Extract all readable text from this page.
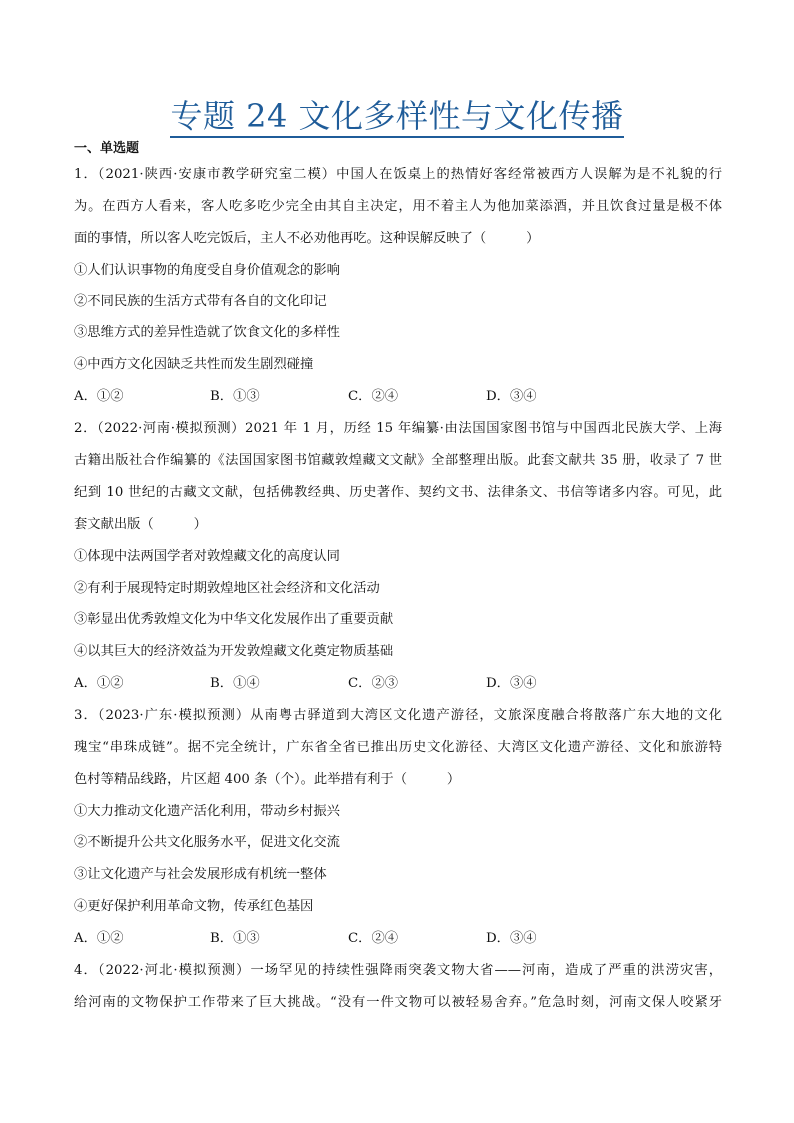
专题 24 文化多样性与文化传播
一、单选题
1．（2021·陕西·安康市教学研究室二模）中国人在饭桌上的热情好客经常被西方人误解为是不礼貌的行
为。在西方人看来，客人吃多吃少完全由其自主决定，用不着主人为他加菜添酒，并且饮食过量是极不体
面的事情，所以客人吃完饭后，主人不必劝他再吃。这种误解反映了（　　　）
①人们认识事物的角度受自身价值观念的影响
②不同民族的生活方式带有各自的文化印记
③思维方式的差异性造就了饮食文化的多样性
④中西方文化因缺乏共性而发生剧烈碰撞
A．①②	B．①③	C．②④	D．③④
2．（2022·河南·模拟预测）2021 年 1 月，历经 15 年编纂·由法国国家图书馆与中国西北民族大学、上海
古籍出版社合作编纂的《法国国家图书馆藏敦煌藏文文献》全部整理出版。此套文献共 35 册，收录了 7 世
纪到 10 世纪的古藏文文献，包括佛教经典、历史著作、契约文书、法律条文、书信等诸多内容。可见，此
套文献出版（　　　）
①体现中法两国学者对敦煌藏文化的高度认同
②有利于展现特定时期敦煌地区社会经济和文化活动
③彰显出优秀敦煌文化为中华文化发展作出了重要贡献
④以其巨大的经济效益为开发敦煌藏文化奠定物质基础
A．①②	B．①④	C．②③	D．③④
3．（2023·广东·模拟预测）从南粤古驿道到大湾区文化遗产游径，文旅深度融合将散落广东大地的文化
瑰宝“串珠成链”。据不完全统计，广东省全省已推出历史文化游径、大湾区文化遗产游径、文化和旅游特
色村等精品线路，片区超 400 条（个）。此举措有利于（　　　）
①大力推动文化遗产活化利用，带动乡村振兴
②不断提升公共文化服务水平，促进文化交流
③让文化遗产与社会发展形成有机统一整体
④更好保护利用革命文物，传承红色基因
A．①②	B．①③	C．②④	D．③④
4．（2022·河北·模拟预测）一场罕见的持续性强降雨突袭文物大省——河南，造成了严重的洪涝灾害，
给河南的文物保护工作带来了巨大挑战。“没有一件文物可以被轻易舍弃。”危急时刻，河南文保人咬紧牙
